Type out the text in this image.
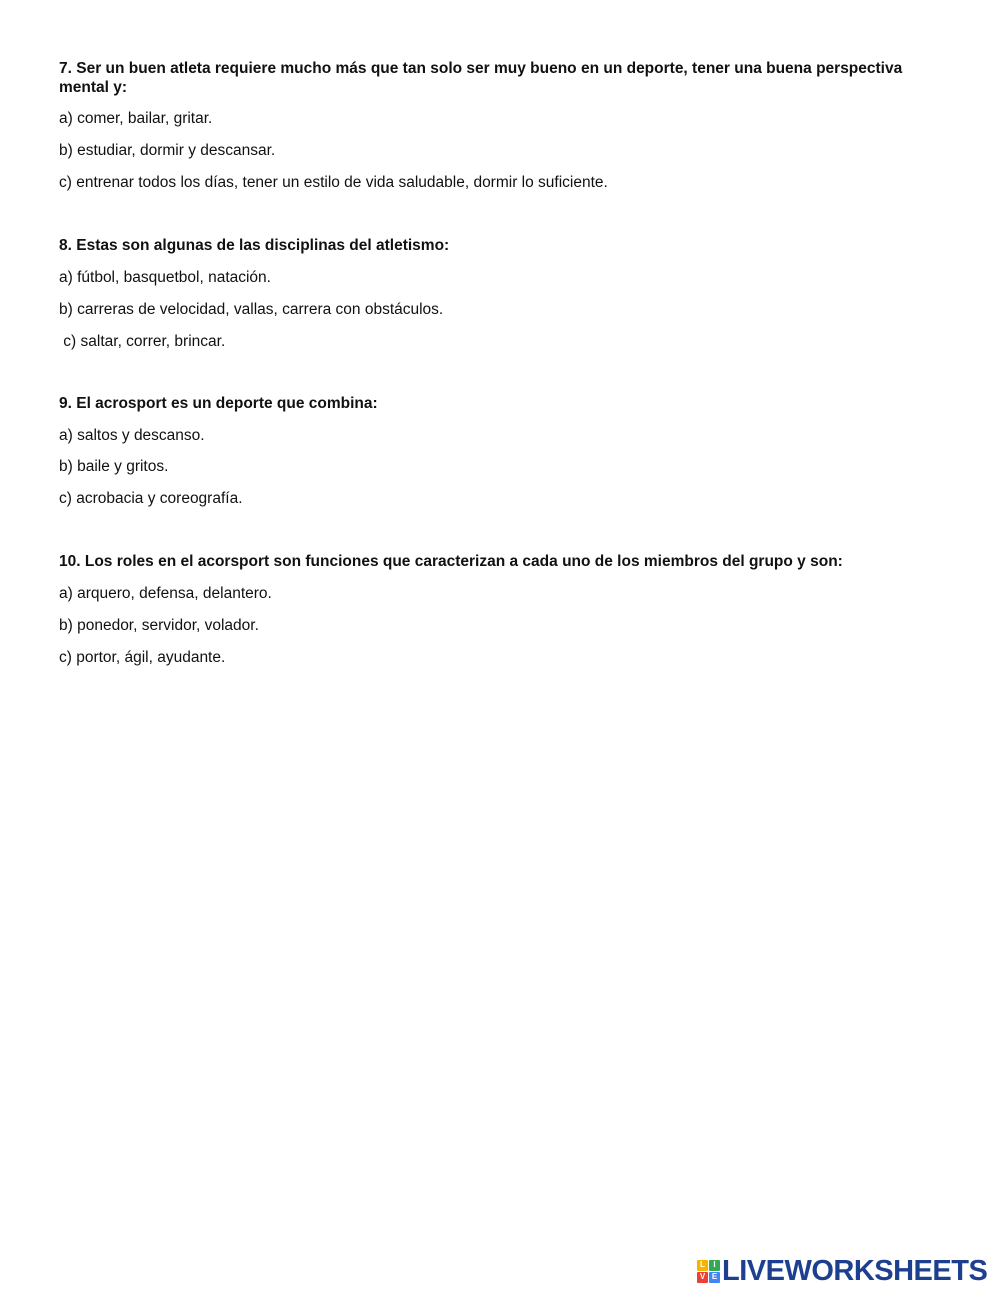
7. Ser un buen atleta requiere mucho más que tan solo ser muy bueno en un deporte, tener una buena perspectiva mental y:

a) comer, bailar, gritar.
b) estudiar, dormir y descansar.
c) entrenar todos los días, tener un estilo de vida saludable, dormir lo suficiente.

8. Estas son algunas de las disciplinas del atletismo:

a) fútbol, basquetbol, natación.
b) carreras de velocidad, vallas, carrera con obstáculos.
c) saltar, correr, brincar.

9. El acrosport es un deporte que combina:

a) saltos y descanso.
b) baile y gritos.
c) acrobacia y coreografía.

10. Los roles en el acorsport son funciones que caracterizan a cada uno de los miembros del grupo y son:

a) arquero, defensa, delantero.
b) ponedor, servidor, volador.
c) portor, ágil, ayudante.
L	I
V E LIVEWORKSHEETS
